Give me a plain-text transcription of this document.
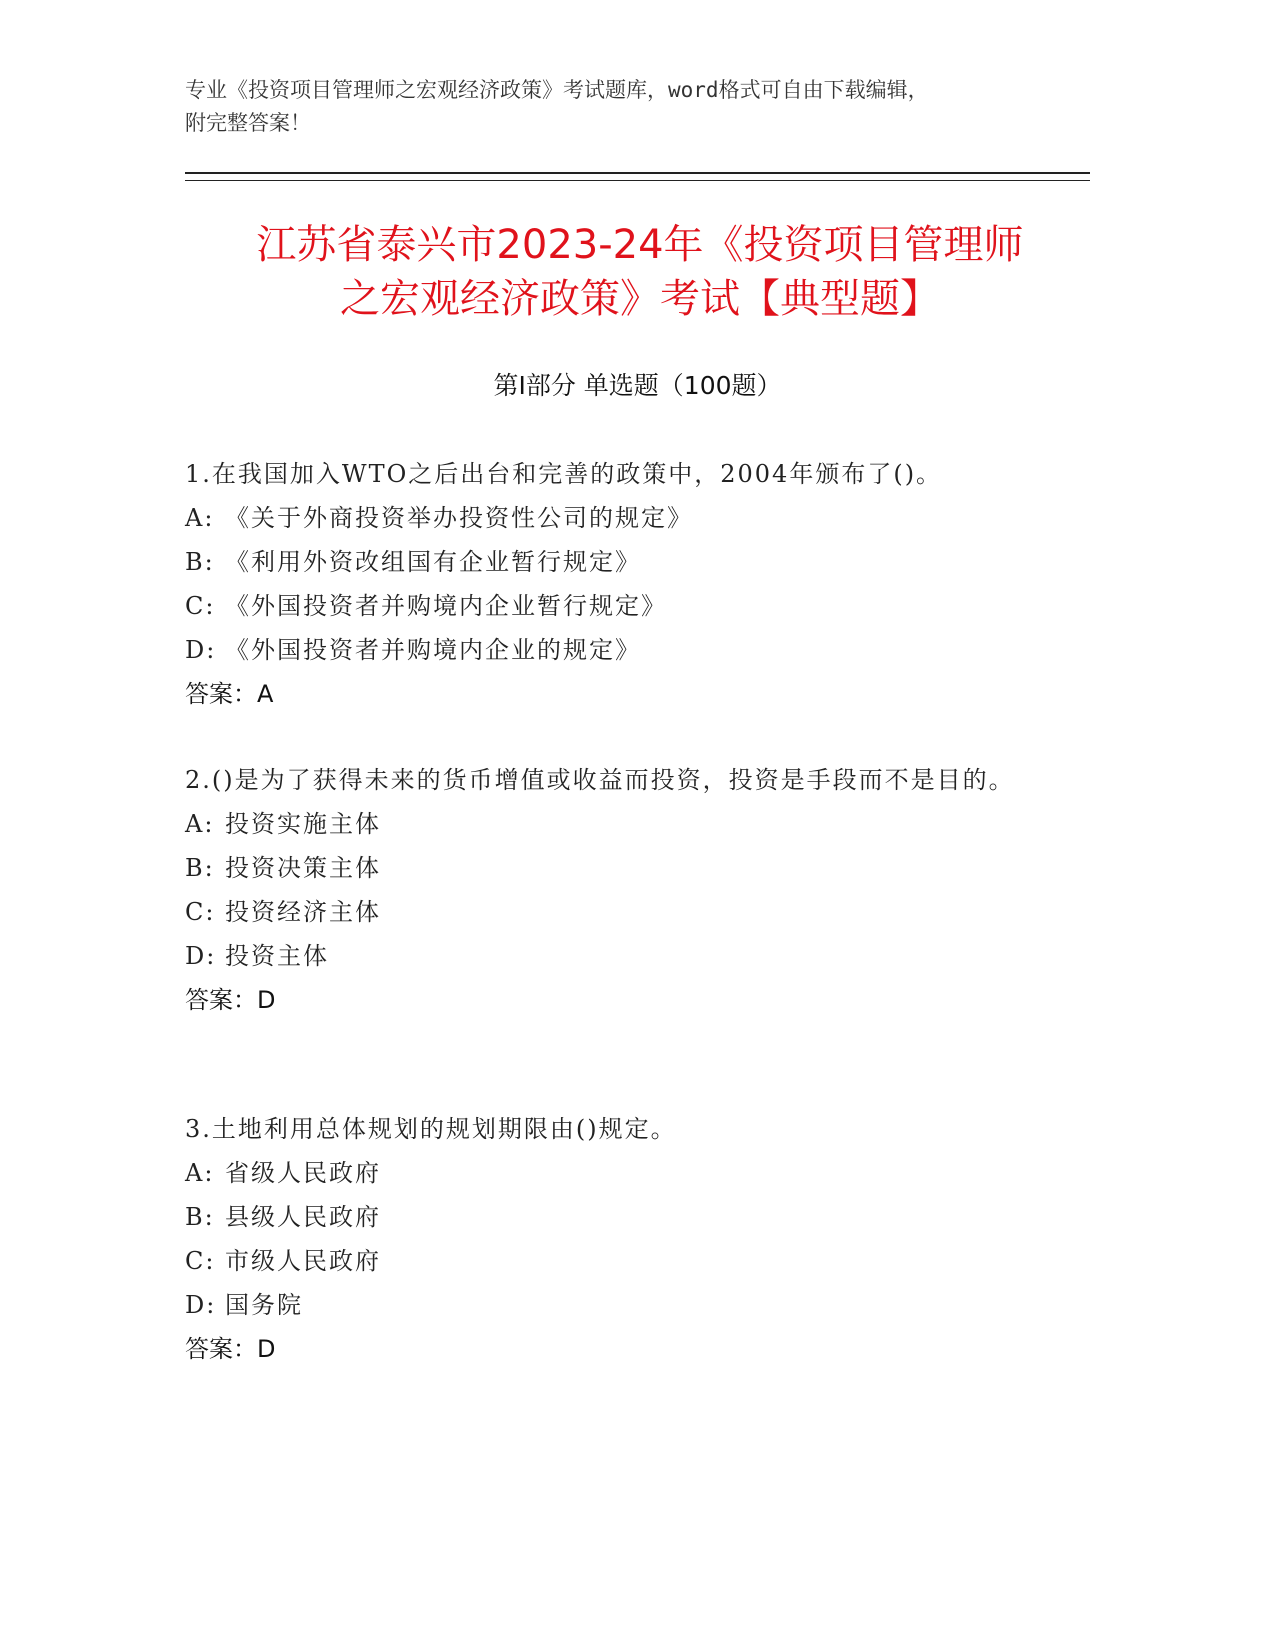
专业《投资项目管理师之宏观经济政策》考试题库，word格式可自由下载编辑，
附完整答案！
江苏省泰兴市2023-24年《投资项目管理师
之宏观经济政策》考试【典型题】
第Ⅰ部分 单选题（100题）
1.在我国加入WTO之后出台和完善的政策中，2004年颁布了()。
A: 《关于外商投资举办投资性公司的规定》
B: 《利用外资改组国有企业暂行规定》
C: 《外国投资者并购境内企业暂行规定》
D: 《外国投资者并购境内企业的规定》
答案：A
2.()是为了获得未来的货币增值或收益而投资，投资是手段而不是目的。
A: 投资实施主体
B: 投资决策主体
C: 投资经济主体
D: 投资主体
答案：D
3.土地利用总体规划的规划期限由()规定。
A: 省级人民政府
B: 县级人民政府
C: 市级人民政府
D: 国务院
答案：D
